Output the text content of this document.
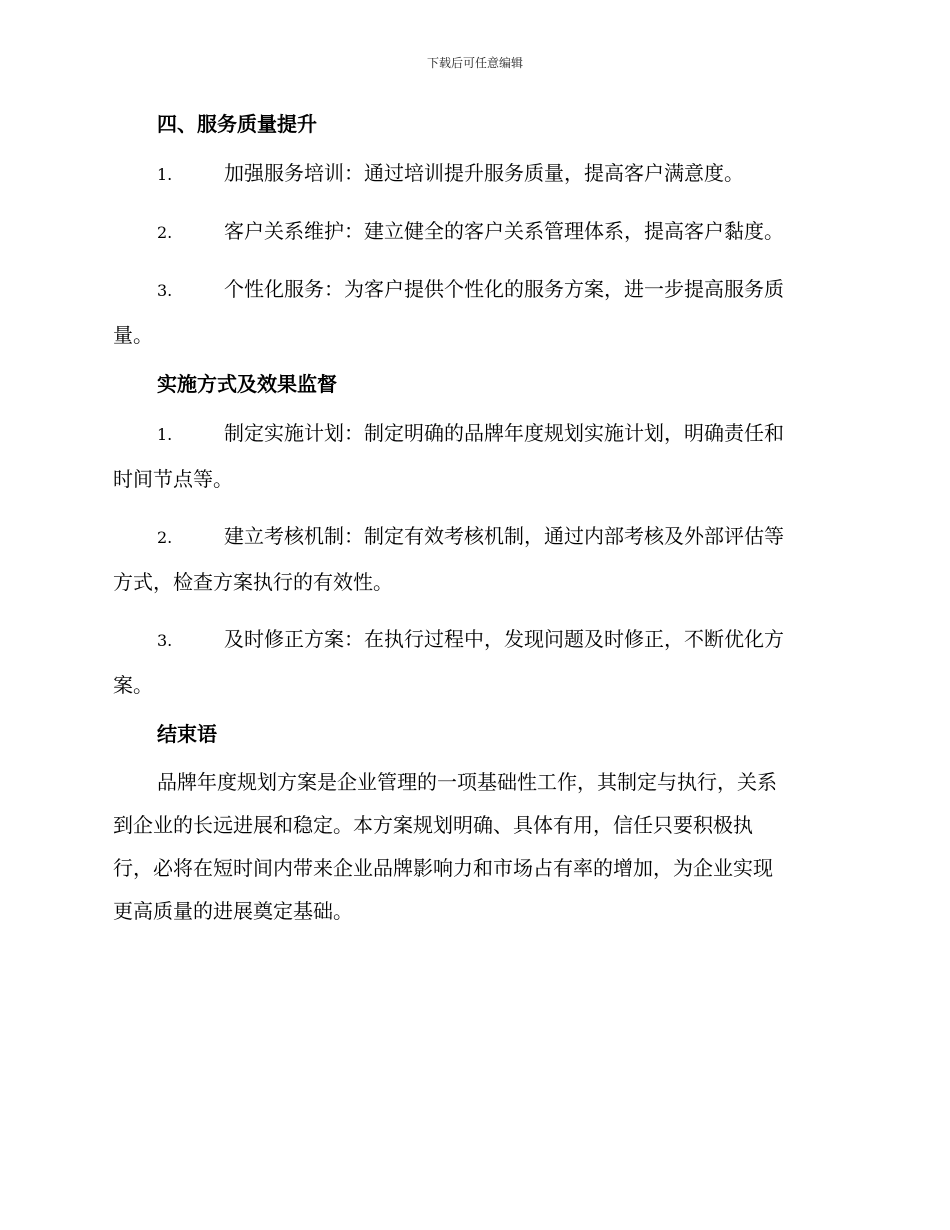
下载后可任意编辑
四、服务质量提升
1.	加强服务培训：通过培训提升服务质量，提高客户满意度。
2.	客户关系维护：建立健全的客户关系管理体系，提高客户黏度。
3.	个性化服务：为客户提供个性化的服务方案，进一步提高服务质
量。
实施方式及效果监督
1.	制定实施计划：制定明确的品牌年度规划实施计划，明确责任和
时间节点等。
2.	建立考核机制：制定有效考核机制，通过内部考核及外部评估等
方式，检查方案执行的有效性。
3.	及时修正方案：在执行过程中，发现问题及时修正，不断优化方
案。
结束语
品牌年度规划方案是企业管理的一项基础性工作，其制定与执行，关系
到企业的长远进展和稳定。本方案规划明确、具体有用，信任只要积极执
行，必将在短时间内带来企业品牌影响力和市场占有率的增加，为企业实现
更高质量的进展奠定基础。
